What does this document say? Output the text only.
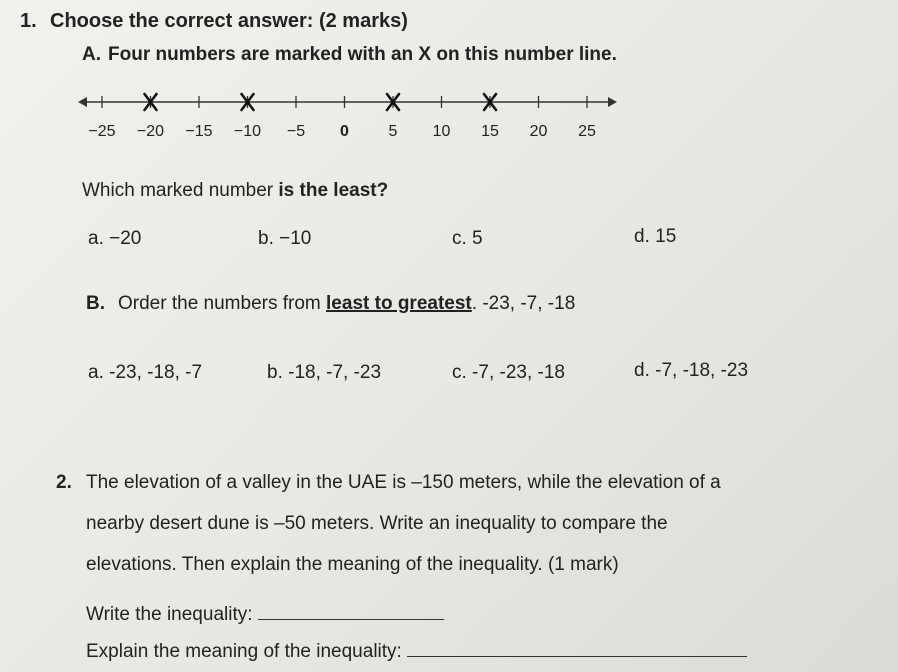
1. Choose the correct answer: (2 marks)
A. Four numbers are marked with an X on this number line.
−25 −20 −15 −10 −5 0 5 10 15 20 25
Which marked number is the least?
a. −20	b. −10	c. 5	d. 15
B. Order the numbers from least to greatest. -23, -7, -18
a. -23, -18, -7	b. -18, -7, -23	c. -7, -23, -18	d. -7, -18, -23
2. The elevation of a valley in the UAE is –150 meters, while the elevation of a
nearby desert dune is –50 meters. Write an inequality to compare the
elevations. Then explain the meaning of the inequality. (1 mark)
Write the inequality:
Explain the meaning of the inequality:
